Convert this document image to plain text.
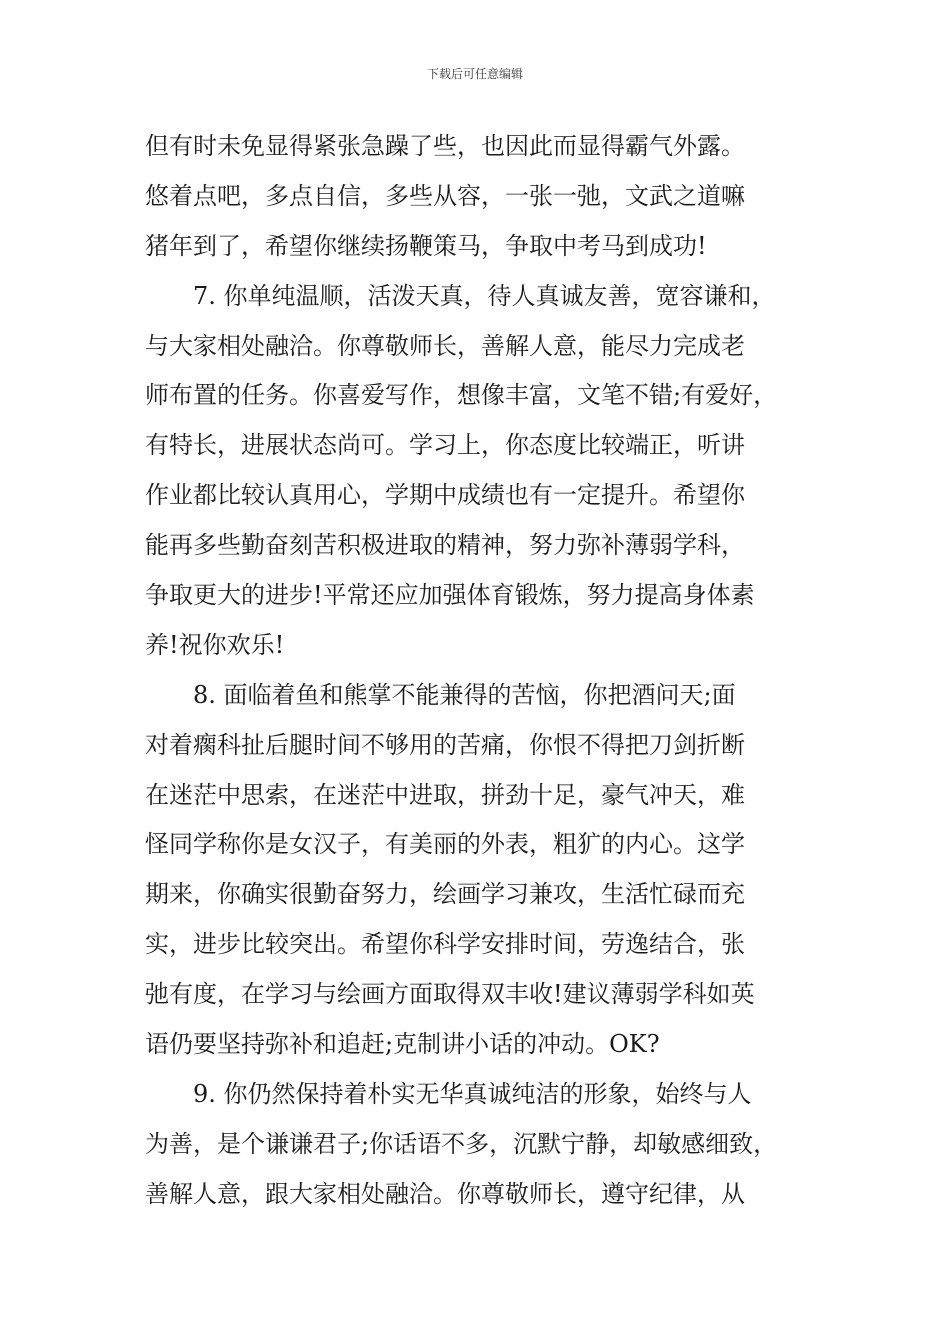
下载后可任意编辑
但有时未免显得紧张急躁了些，也因此而显得霸气外露。
悠着点吧，多点自信，多些从容，一张一弛，文武之道嘛
猪年到了，希望你继续扬鞭策马，争取中考马到成功!
7. 你单纯温顺，活泼天真，待人真诚友善，宽容谦和，
与大家相处融洽。你尊敬师长，善解人意，能尽力完成老
师布置的任务。你喜爱写作，想像丰富，文笔不错;有爱好，
有特长，进展状态尚可。学习上，你态度比较端正，听讲
作业都比较认真用心，学期中成绩也有一定提升。希望你
能再多些勤奋刻苦积极进取的精神，努力弥补薄弱学科，
争取更大的进步!平常还应加强体育锻炼，努力提高身体素
养!祝你欢乐!
8. 面临着鱼和熊掌不能兼得的苦恼，你把酒问天;面
对着瘸科扯后腿时间不够用的苦痛，你恨不得把刀剑折断
在迷茫中思索，在迷茫中进取，拼劲十足，豪气冲天，难
怪同学称你是女汉子，有美丽的外表，粗犷的内心。这学
期来，你确实很勤奋努力，绘画学习兼攻，生活忙碌而充
实，进步比较突出。希望你科学安排时间，劳逸结合，张
弛有度，在学习与绘画方面取得双丰收!建议薄弱学科如英
语仍要坚持弥补和追赶;克制讲小话的冲动。OK?
9. 你仍然保持着朴实无华真诚纯洁的形象，始终与人
为善，是个谦谦君子;你话语不多，沉默宁静，却敏感细致，
善解人意，跟大家相处融洽。你尊敬师长，遵守纪律，从
